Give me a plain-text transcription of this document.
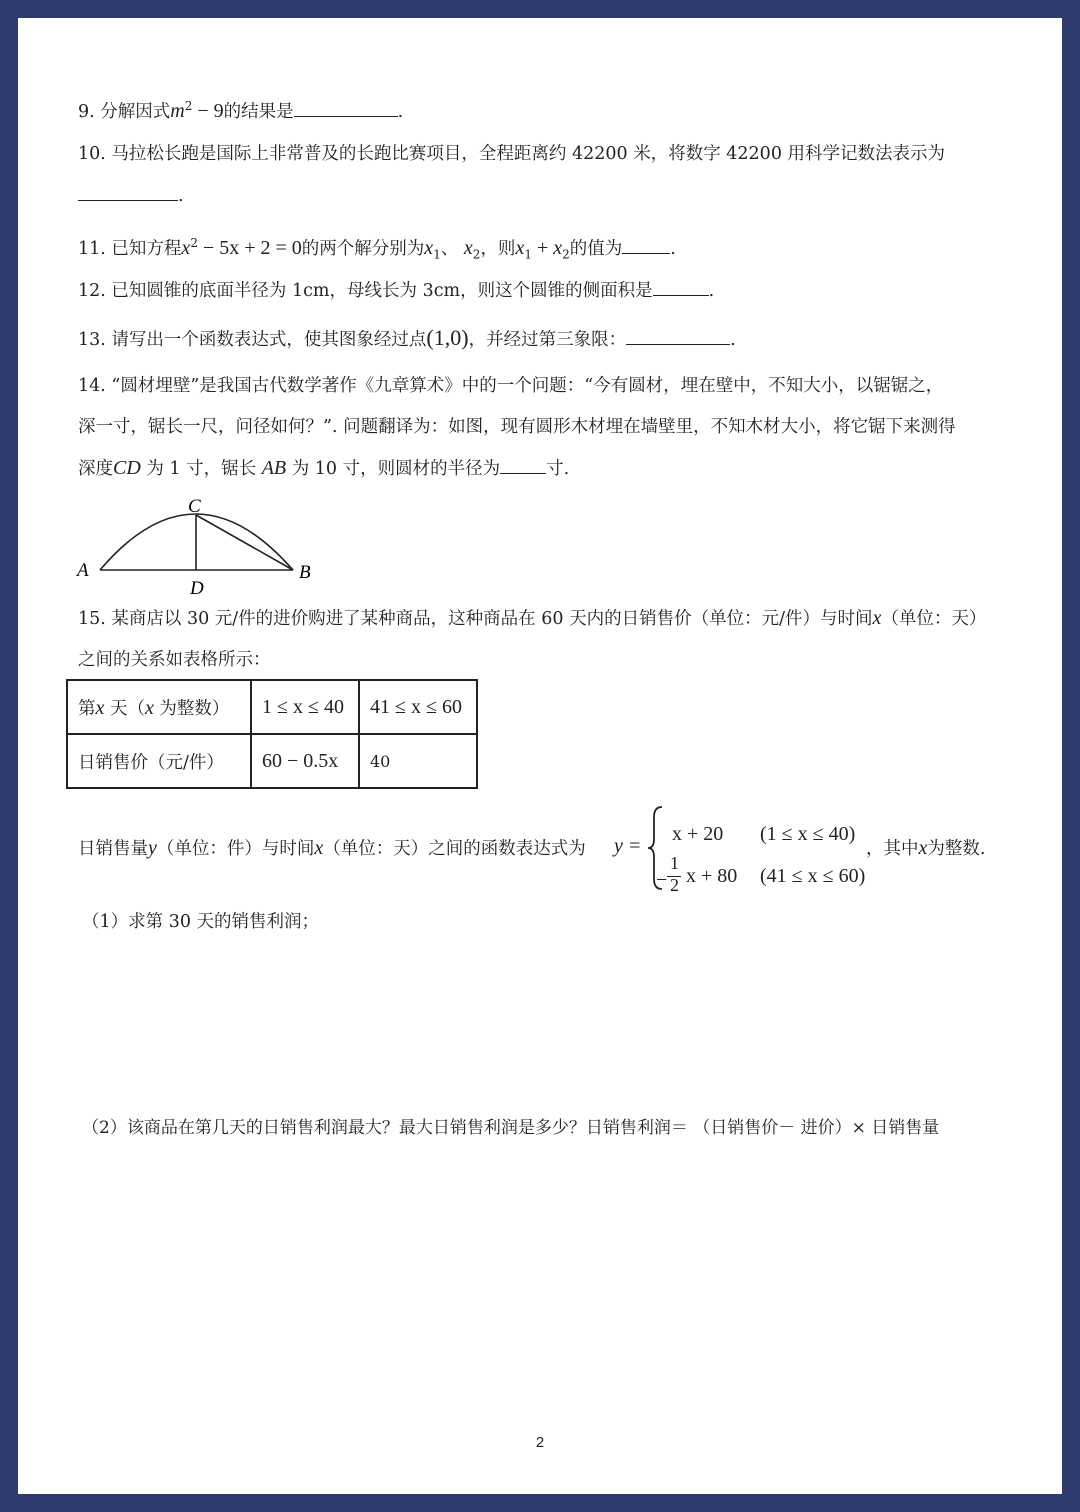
9. 分解因式$m^2 - 9$的结果是	.
10. 马拉松长跑是国际上非常普及的长跑比赛项目，全程距离约 42200 米，将数字 42200 用科学记数法表示为
.
11. 已知方程$x^2 - 5x + 2 = 0$的两个解分别为$x_1$、 $x_2$，则$x_1 + x_2$的值为	.
12. 已知圆锥的底面半径为 1cm，母线长为 3cm，则这个圆锥的侧面积是	.
13. 请写出一个函数表达式，使其图象经过点(1,0)，并经过第三象限：	.
14. “圆材埋壁”是我国古代数学著作《九章算术》中的一个问题：“今有圆材，埋在壁中，不知大小，以锯锯之，
深一寸，锯长一尺，问径如何？”. 问题翻译为：如图，现有圆形木材埋在墙壁里，不知木材大小，将它锯下来测得
深度CD 为 1 寸，锯长 AB 为 10 寸，则圆材的半径为	寸.
A	B
C
D
15. 某商店以 30 元/件的进价购进了某种商品，这种商品在 60 天内的日销售价（单位：元/件）与时间x（单位：天）
之间的关系如表格所示：
第x 天（x 为整数）	1 ≤ x ≤ 40	41 ≤ x ≤ 60
日销售价（元/件）	60 − 0.5x	40
日销售量y（单位：件）与时间x（单位：天）之间的函数表达式为 y =
x + 20 (1 ≤ x ≤ 40)
−
1
2 x + 80 (41 ≤ x ≤ 60)
，其中x为整数.
（1）求第 30 天的销售利润；
（2）该商品在第几天的日销售利润最大？最大日销售利润是多少？日销售利润＝ （日销售价－ 进价）× 日销售量
2
